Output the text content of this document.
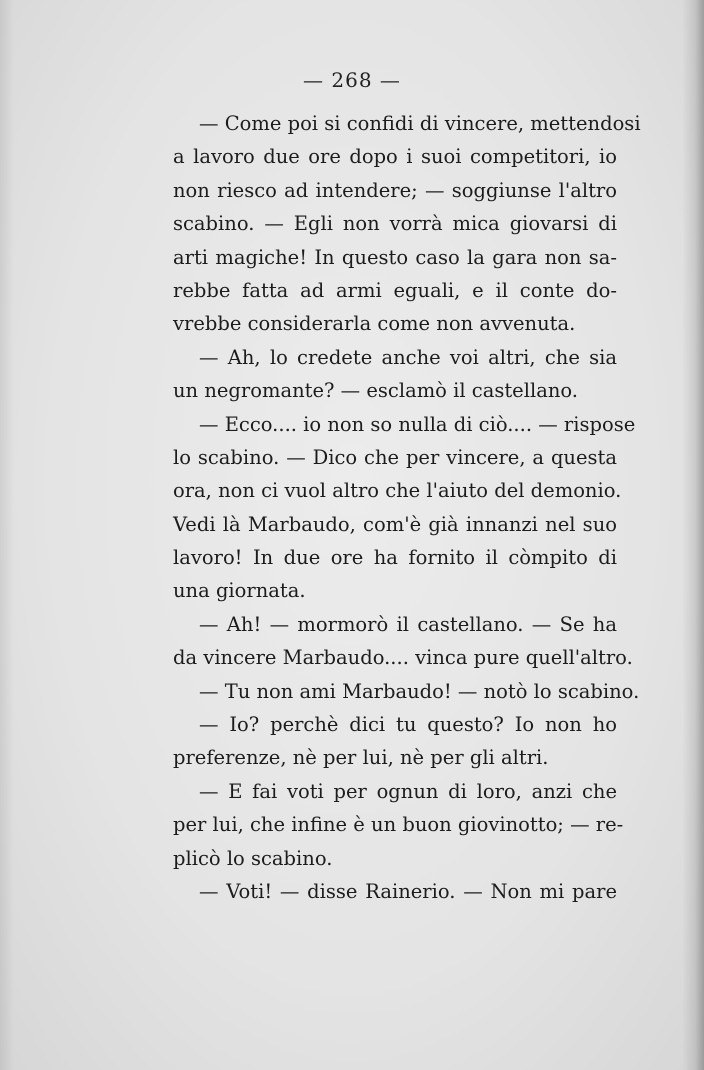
— 268 —
— Come poi si confidi di vincere, mettendosi
a lavoro due ore dopo i suoi competitori, io
non riesco ad intendere; — soggiunse l'altro
scabino. — Egli non vorrà mica giovarsi di
arti magiche! In questo caso la gara non sa-
rebbe fatta ad armi eguali, e il conte do-
vrebbe considerarla come non avvenuta.
— Ah, lo credete anche voi altri, che sia
un negromante? — esclamò il castellano.
— Ecco.... io non so nulla di ciò.... — rispose
lo scabino. — Dico che per vincere, a questa
ora, non ci vuol altro che l'aiuto del demonio.
Vedi là Marbaudo, com'è già innanzi nel suo
lavoro! In due ore ha fornito il còmpito di
una giornata.
— Ah! — mormorò il castellano. — Se ha
da vincere Marbaudo.... vinca pure quell'altro.
— Tu non ami Marbaudo! — notò lo scabino.
— Io? perchè dici tu questo? Io non ho
preferenze, nè per lui, nè per gli altri.
— E fai voti per ognun di loro, anzi che
per lui, che infine è un buon giovinotto; — re-
plicò lo scabino.
— Voti! — disse Rainerio. — Non mi pare
